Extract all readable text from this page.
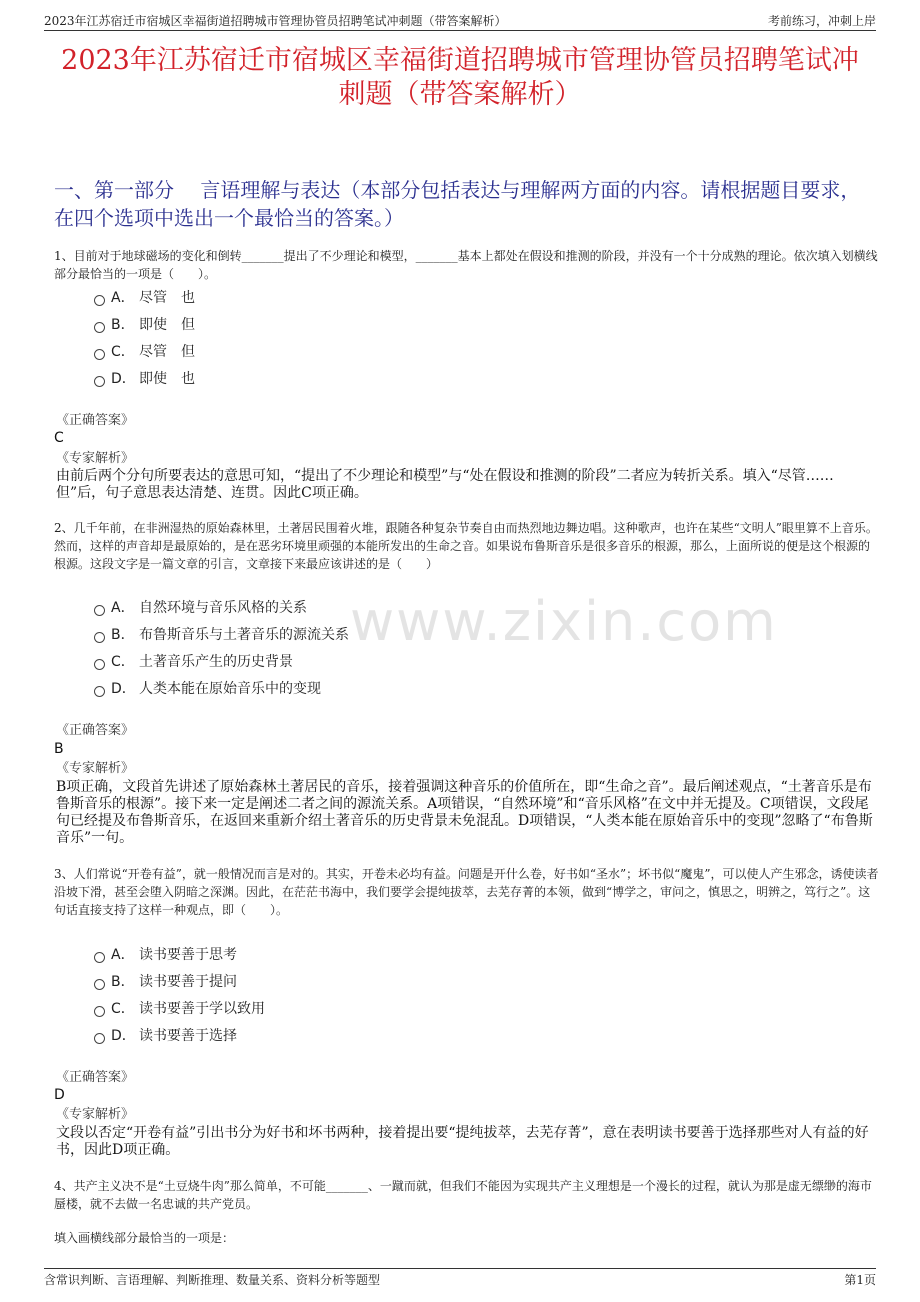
2023年江苏宿迁市宿城区幸福街道招聘城市管理协管员招聘笔试冲刺题（带答案解析）	考前练习，冲刺上岸
2023年江苏宿迁市宿城区幸福街道招聘城市管理协管员招聘笔试冲刺题（带答案解析）
一、第一部分　 言语理解与表达（本部分包括表达与理解两方面的内容。请根据题目要求，在四个选项中选出一个最恰当的答案。）
www.zixin.com
1、目前对于地球磁场的变化和倒转_______提出了不少理论和模型，_______基本上都处在假设和推测的阶段，并没有一个十分成熟的理论。依次填入划横线部分最恰当的一项是（　　）。
A． 尽管　也
B． 即使　但
C． 尽管　但
D． 即使　也
《正确答案》
C
《专家解析》
由前后两个分句所要表达的意思可知，“提出了不少理论和模型”与“处在假设和推测的阶段”二者应为转折关系。填入“尽管……但”后，句子意思表达清楚、连贯。因此C项正确。
2、几千年前，在非洲湿热的原始森林里，土著居民围着火堆，跟随各种复杂节奏自由而热烈地边舞边唱。这种歌声，也许在某些“文明人”眼里算不上音乐。然而，这样的声音却是最原始的，是在恶劣环境里顽强的本能所发出的生命之音。如果说布鲁斯音乐是很多音乐的根源，那么，上面所说的便是这个根源的根源。这段文字是一篇文章的引言，文章接下来最应该讲述的是（　　）
A． 自然环境与音乐风格的关系
B． 布鲁斯音乐与土著音乐的源流关系
C． 土著音乐产生的历史背景
D． 人类本能在原始音乐中的变现
《正确答案》
B
《专家解析》
B项正确，文段首先讲述了原始森林土著居民的音乐，接着强调这种音乐的价值所在，即“生命之音”。最后阐述观点，“土著音乐是布鲁斯音乐的根源”。接下来一定是阐述二者之间的源流关系。A项错误，“自然环境”和“音乐风格”在文中并无提及。C项错误，文段尾句已经提及布鲁斯音乐，在返回来重新介绍土著音乐的历史背景未免混乱。D项错误，“人类本能在原始音乐中的变现”忽略了“布鲁斯音乐”一句。
3、人们常说“开卷有益”，就一般情况而言是对的。其实，开卷未必均有益。问题是开什么卷，好书如“圣水”；坏书似“魔鬼”，可以使人产生邪念，诱使读者沿坡下滑，甚至会堕入阴暗之深渊。因此，在茫茫书海中，我们要学会提纯拔萃，去芜存菁的本领，做到“博学之，审问之，慎思之，明辨之，笃行之”。这句话直接支持了这样一种观点，即（　　）。
A． 读书要善于思考
B． 读书要善于提问
C． 读书要善于学以致用
D． 读书要善于选择
《正确答案》
D
《专家解析》
文段以否定“开卷有益”引出书分为好书和坏书两种，接着提出要“提纯拔萃，去芜存菁”，意在表明读书要善于选择那些对人有益的好书，因此D项正确。
4、共产主义决不是“土豆烧牛肉”那么简单，不可能_______、一蹴而就，但我们不能因为实现共产主义理想是一个漫长的过程，就认为那是虚无缥缈的海市蜃楼，就不去做一名忠诚的共产党员。
填入画横线部分最恰当的一项是：
含常识判断、言语理解、判断推理、数量关系、资料分析等题型	第1页
